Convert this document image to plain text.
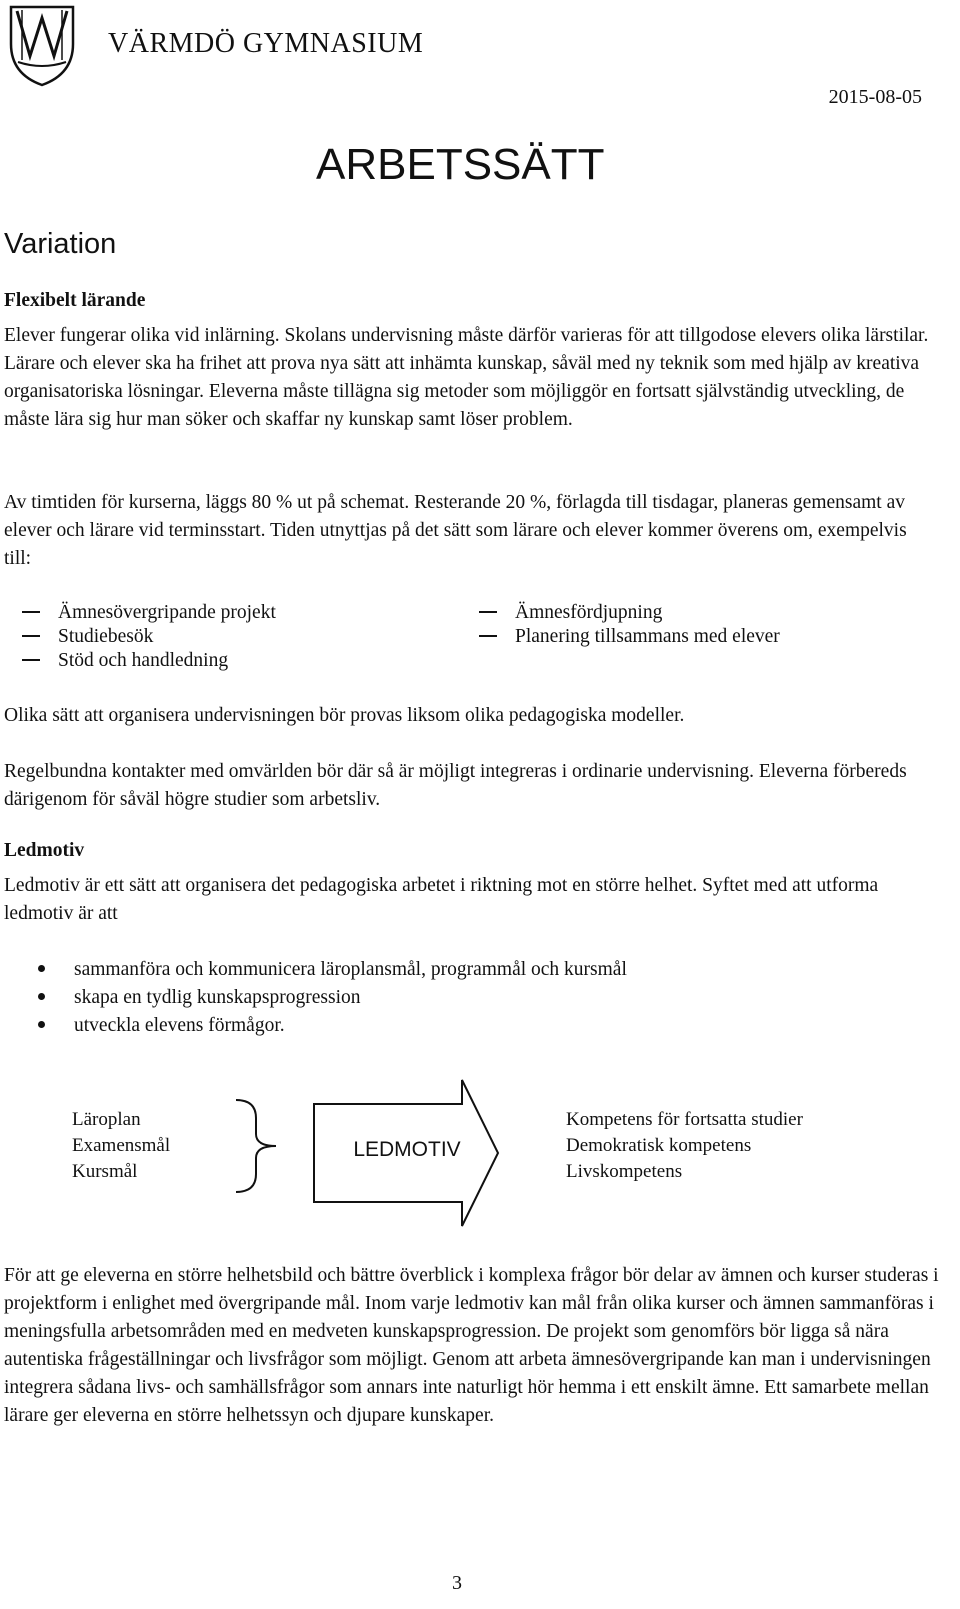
VÄRMDÖ GYMNASIUM
2015-08-05
ARBETSSÄTT
Variation
Flexibelt lärande
Elever fungerar olika vid inlärning. Skolans undervisning måste därför varieras för att tillgodose elevers olika lärstilar. Lärare och elever ska ha frihet att prova nya sätt att inhämta kunskap, såväl med ny teknik som med hjälp av kreativa organisatoriska lösningar. Eleverna måste tillägna sig metoder som möjliggör en fortsatt självständig utveckling, de måste lära sig hur man söker och skaffar ny kunskap samt löser problem.
Av timtiden för kurserna, läggs 80 % ut på schemat. Resterande 20 %, förlagda till tisdagar, planeras gemensamt av elever och lärare vid terminsstart. Tiden utnyttjas på det sätt som lärare och elever kommer överens om, exempelvis till:
Ämnesövergripande projekt
Studiebesök
Stöd och handledning
Ämnesfördjupning
Planering tillsammans med elever
Olika sätt att organisera undervisningen bör provas liksom olika pedagogiska modeller.
Regelbundna kontakter med omvärlden bör där så är möjligt integreras i ordinarie undervisning. Eleverna förbereds därigenom för såväl högre studier som arbetsliv.
Ledmotiv
Ledmotiv är ett sätt att organisera det pedagogiska arbetet i riktning mot en större helhet. Syftet med att utforma ledmotiv är att
sammanföra och kommunicera läroplansmål, programmål och kursmål
skapa en tydlig kunskapsprogression
utveckla elevens förmågor.
Läroplan
Examensmål
Kursmål
LEDMOTIV
Kompetens för fortsatta studier
Demokratisk kompetens
Livskompetens
För att ge eleverna en större helhetsbild och bättre överblick i komplexa frågor bör delar av ämnen och kurser studeras i projektform i enlighet med övergripande mål. Inom varje ledmotiv kan mål från olika kurser och ämnen sammanföras i meningsfulla arbetsområden med en medveten kunskapsprogression. De projekt som genomförs bör ligga så nära autentiska frågeställningar och livsfrågor som möjligt. Genom att arbeta ämnesövergripande kan man i undervisningen integrera sådana livs- och samhällsfrågor som annars inte naturligt hör hemma i ett enskilt ämne. Ett samarbete mellan lärare ger eleverna en större helhetssyn och djupare kunskaper.
3
